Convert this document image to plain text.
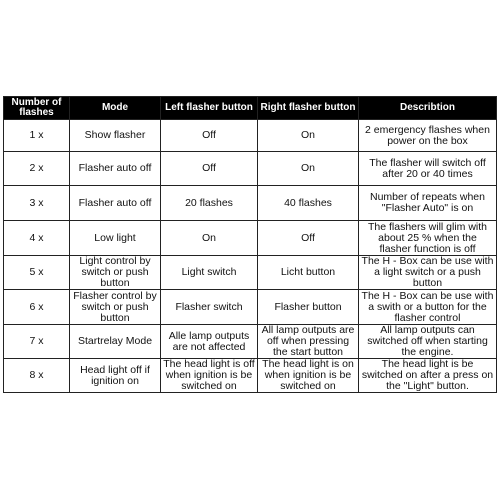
Number of flashes	Mode	Left flasher button	Right flasher button	Describtion
1 x	Show flasher	Off	On	2 emergency flashes when power on the box
2 x	Flasher auto off	Off	On	The flasher will switch off after 20 or 40 times
3 x	Flasher auto off	20 flashes	40 flashes	Number of repeats when "Flasher Auto" is on
4 x	Low light	On	Off	The flashers will glim with about 25 % when the flasher function is off
5 x	Light control by switch or push button	Light switch	Licht button	The H - Box can be use with a light switch or a push button
6 x	Flasher control by switch or push button	Flasher switch	Flasher button	The H - Box can be use with a swith or a button for the flasher control
7 x	Startrelay Mode	Alle lamp outputs are not affected	All lamp outputs are off when pressing the start button	All lamp outputs can switched off when starting the engine.
8 x	Head light off if ignition on	The head light is off when ignition is be switched on	The head light is on when ignition is be switched on	The head light is be switched on after a press on the "Light" button.
